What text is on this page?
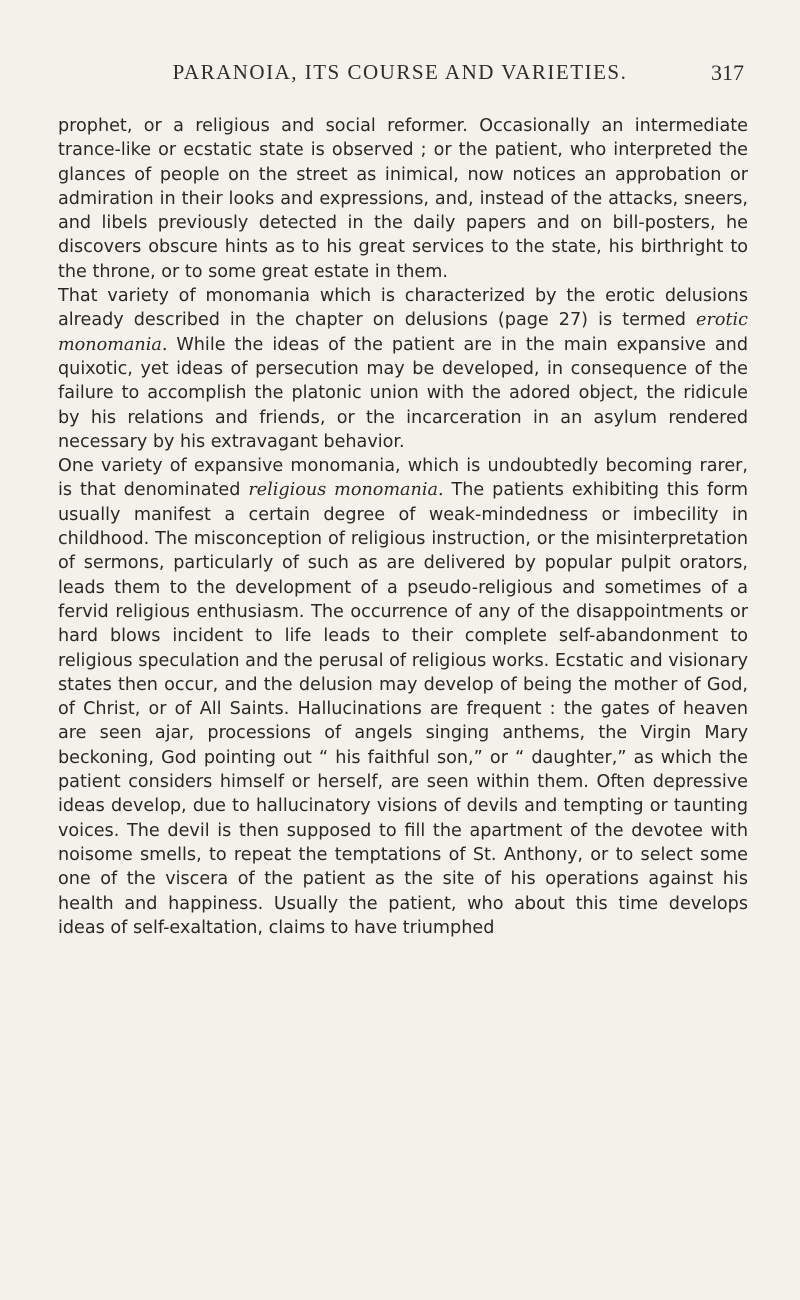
PARANOIA, ITS COURSE AND VARIETIES.	317

prophet, or a religious and social reformer. Occasionally an intermediate trance-like or ecstatic state is observed ; or the patient, who interpreted the glances of people on the street as inimical, now notices an approbation or admiration in their looks and expressions, and, instead of the attacks, sneers, and libels previously detected in the daily papers and on bill-posters, he discovers obscure hints as to his great services to the state, his birthright to the throne, or to some great estate in them.

That variety of monomania which is characterized by the erotic delusions already described in the chapter on delusions (page 27) is termed erotic monomania. While the ideas of the patient are in the main expansive and quixotic, yet ideas of persecution may be developed, in consequence of the failure to accomplish the platonic union with the adored object, the ridicule by his relations and friends, or the incarceration in an asylum rendered necessary by his extravagant behavior.

One variety of expansive monomania, which is undoubtedly becoming rarer, is that denominated religious monomania. The patients exhibiting this form usually manifest a certain degree of weak-mindedness or imbecility in childhood. The misconception of religious instruction, or the misinterpretation of sermons, particularly of such as are delivered by popular pulpit orators, leads them to the development of a pseudo-religious and sometimes of a fervid religious enthusiasm. The occurrence of any of the disappointments or hard blows incident to life leads to their complete self-abandonment to religious speculation and the perusal of religious works. Ecstatic and visionary states then occur, and the delusion may develop of being the mother of God, of Christ, or of All Saints. Hallucinations are frequent : the gates of heaven are seen ajar, processions of angels singing anthems, the Virgin Mary beckoning, God pointing out “ his faithful son,” or “ daughter,” as which the patient considers himself or herself, are seen within them. Often depressive ideas develop, due to hallucinatory visions of devils and tempting or taunting voices. The devil is then supposed to fill the apartment of the devotee with noisome smells, to repeat the temptations of St. Anthony, or to select some one of the viscera of the patient as the site of his operations against his health and happiness. Usually the patient, who about this time develops ideas of self-exaltation, claims to have triumphed
